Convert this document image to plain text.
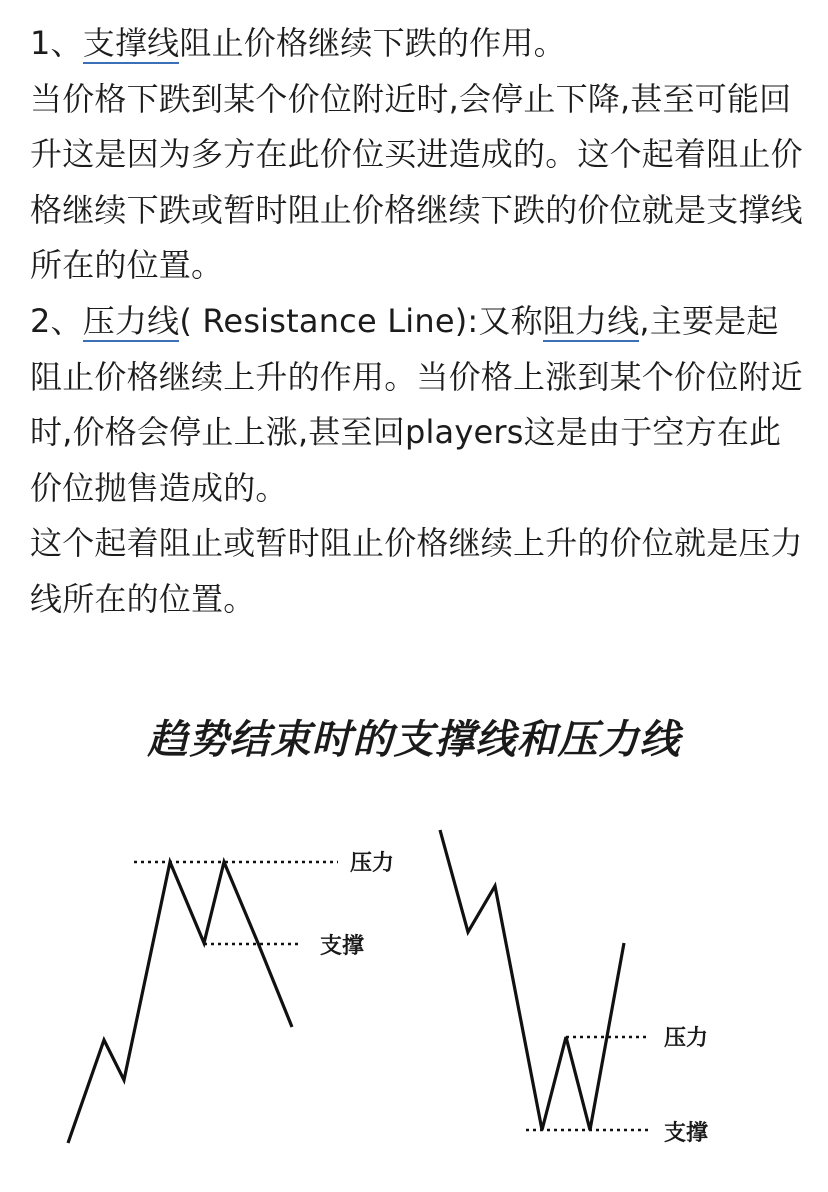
1、支撑线阻止价格继续下跌的作用。

当价格下跌到某个价位附近时,会停止下降,甚至可能回升这是因为多方在此价位买进造成的。这个起着阻止价格继续下跌或暂时阻止价格继续下跌的价位就是支撑线所在的位置。

2、压力线( Resistance Line):又称阻力线,主要是起阻止价格继续上升的作用。当价格上涨到某个价位附近时,价格会停止上涨,甚至回players这是由于空方在此价位抛售造成的。

这个起着阻止或暂时阻止价格继续上升的价位就是压力线所在的位置。

趋势结束时的支撑线和压力线
压力
支撑
压力
支撑
